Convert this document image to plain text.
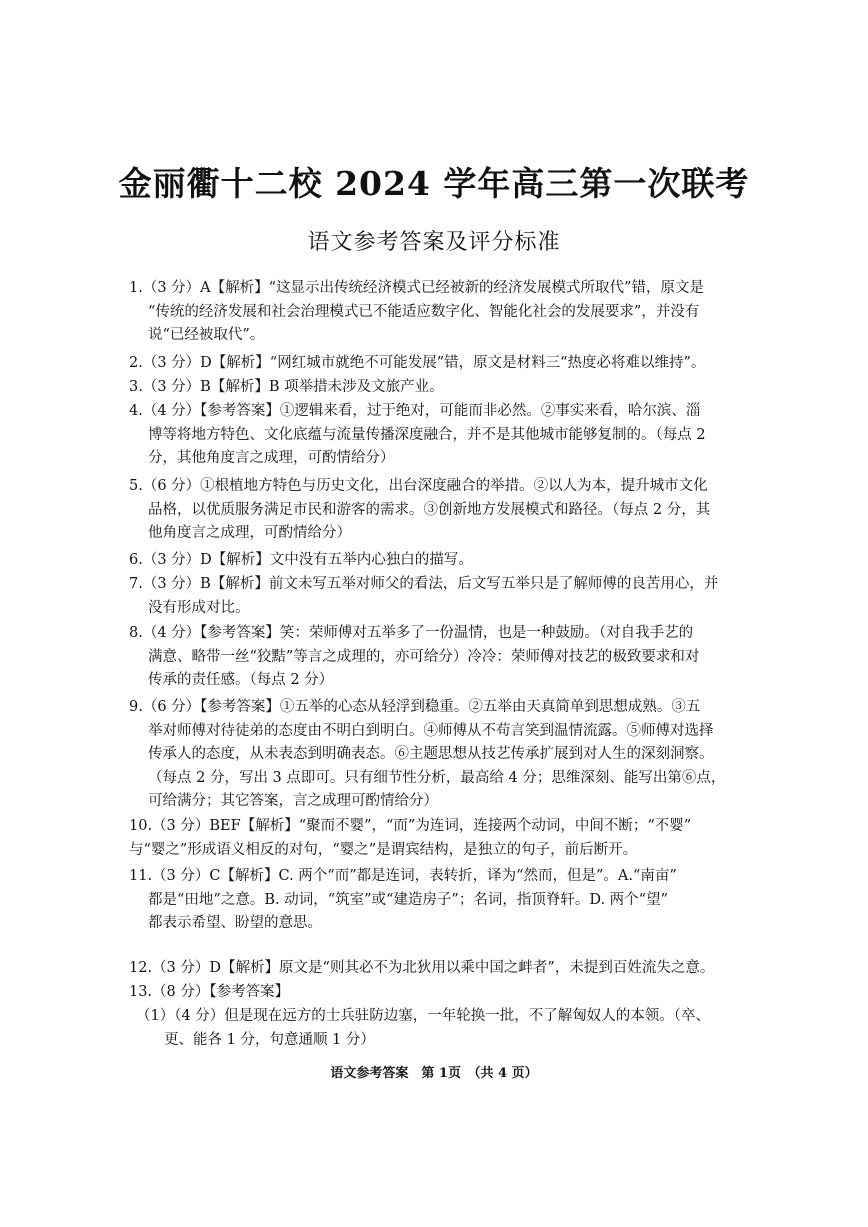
金丽衢十二校 2024 学年高三第一次联考
语文参考答案及评分标准
1.（3 分）A【解析】“这显示出传统经济模式已经被新的经济发展模式所取代”错，原文是
“传统的经济发展和社会治理模式已不能适应数字化、智能化社会的发展要求”，并没有
说“已经被取代”。
2.（3 分）D【解析】“网红城市就绝不可能发展”错，原文是材料三“热度必将难以维持”。
3.（3 分）B【解析】B 项举措未涉及文旅产业。
4.（4 分）【参考答案】①逻辑来看，过于绝对，可能而非必然。②事实来看，哈尔滨、淄
博等将地方特色、文化底蕴与流量传播深度融合，并不是其他城市能够复制的。（每点 2
分，其他角度言之成理，可酌情给分）
5.（6 分）①根植地方特色与历史文化，出台深度融合的举措。②以人为本，提升城市文化
品格，以优质服务满足市民和游客的需求。③创新地方发展模式和路径。（每点 2 分，其
他角度言之成理，可酌情给分）
6.（3 分）D【解析】文中没有五举内心独白的描写。
7.（3 分）B【解析】前文未写五举对师父的看法，后文写五举只是了解师傅的良苦用心，并
没有形成对比。
8.（4 分）【参考答案】笑：荣师傅对五举多了一份温情，也是一种鼓励。（对自我手艺的
满意、略带一丝“狡黠”等言之成理的，亦可给分）冷冷：荣师傅对技艺的极致要求和对
传承的责任感。（每点 2 分）
9.（6 分）【参考答案】①五举的心态从轻浮到稳重。②五举由天真简单到思想成熟。③五
举对师傅对待徒弟的态度由不明白到明白。④师傅从不苟言笑到温情流露。⑤师傅对选择
传承人的态度，从未表态到明确表态。⑥主题思想从技艺传承扩展到对人生的深刻洞察。
（每点 2 分，写出 3 点即可。只有细节性分析，最高给 4 分；思维深刻、能写出第⑥点，
可给满分；其它答案，言之成理可酌情给分）
10.（3 分）BEF【解析】“聚而不婴”，“而”为连词，连接两个动词，中间不断；“不婴”
与“婴之”形成语义相反的对句，“婴之”是谓宾结构，是独立的句子，前后断开。
11.（3 分）C【解析】C. 两个“而”都是连词，表转折，译为“然而，但是”。A.“南亩”
都是“田地”之意。B. 动词，“筑室”或“建造房子”；名词，指顶脊轩。D. 两个“望”
都表示希望、盼望的意思。
12.（3 分）D【解析】原文是“则其必不为北狄用以乘中国之衅者”，未提到百姓流失之意。
13.（8 分）【参考答案】
（1）（4 分）但是现在远方的士兵驻防边塞，一年轮换一批，不了解匈奴人的本领。（卒、
更、能各 1 分，句意通顺 1 分）
语文参考答案　第 1页　（共 4 页）
